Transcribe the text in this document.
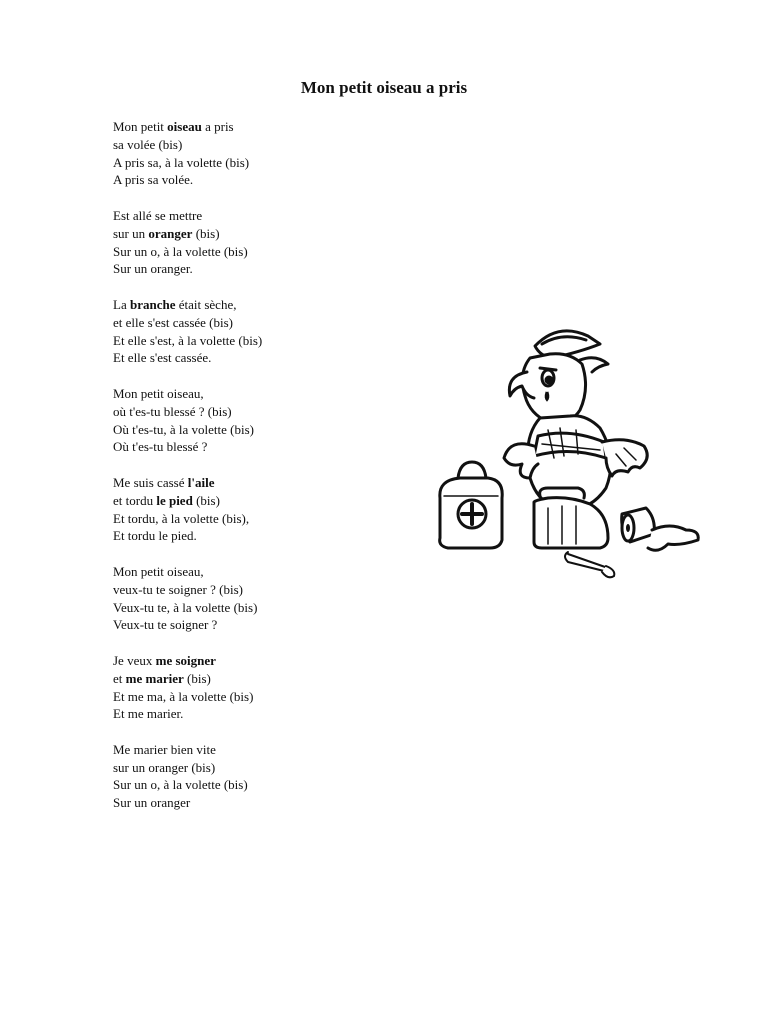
Mon petit oiseau a pris
Mon petit oiseau a pris
sa volée (bis)
A pris sa, à la volette (bis)
A pris sa volée.
Est allé se mettre
sur un oranger (bis)
Sur un o, à la volette (bis)
Sur un oranger.
La branche était sèche,
et elle s'est cassée (bis)
Et elle s'est, à la volette (bis)
Et elle s'est cassée.
Mon petit oiseau,
où t'es-tu blessé ? (bis)
Où t'es-tu, à la volette (bis)
Où t'es-tu blessé ?
Me suis cassé l'aile
et tordu le pied (bis)
Et tordu, à la volette (bis),
Et tordu le pied.
Mon petit oiseau,
veux-tu te soigner ? (bis)
Veux-tu te, à la volette (bis)
Veux-tu te soigner ?
Je veux me soigner
et me marier (bis)
Et me ma, à la volette (bis)
Et me marier.
Me marier bien vite
sur un oranger (bis)
Sur un o, à la volette (bis)
Sur un oranger
